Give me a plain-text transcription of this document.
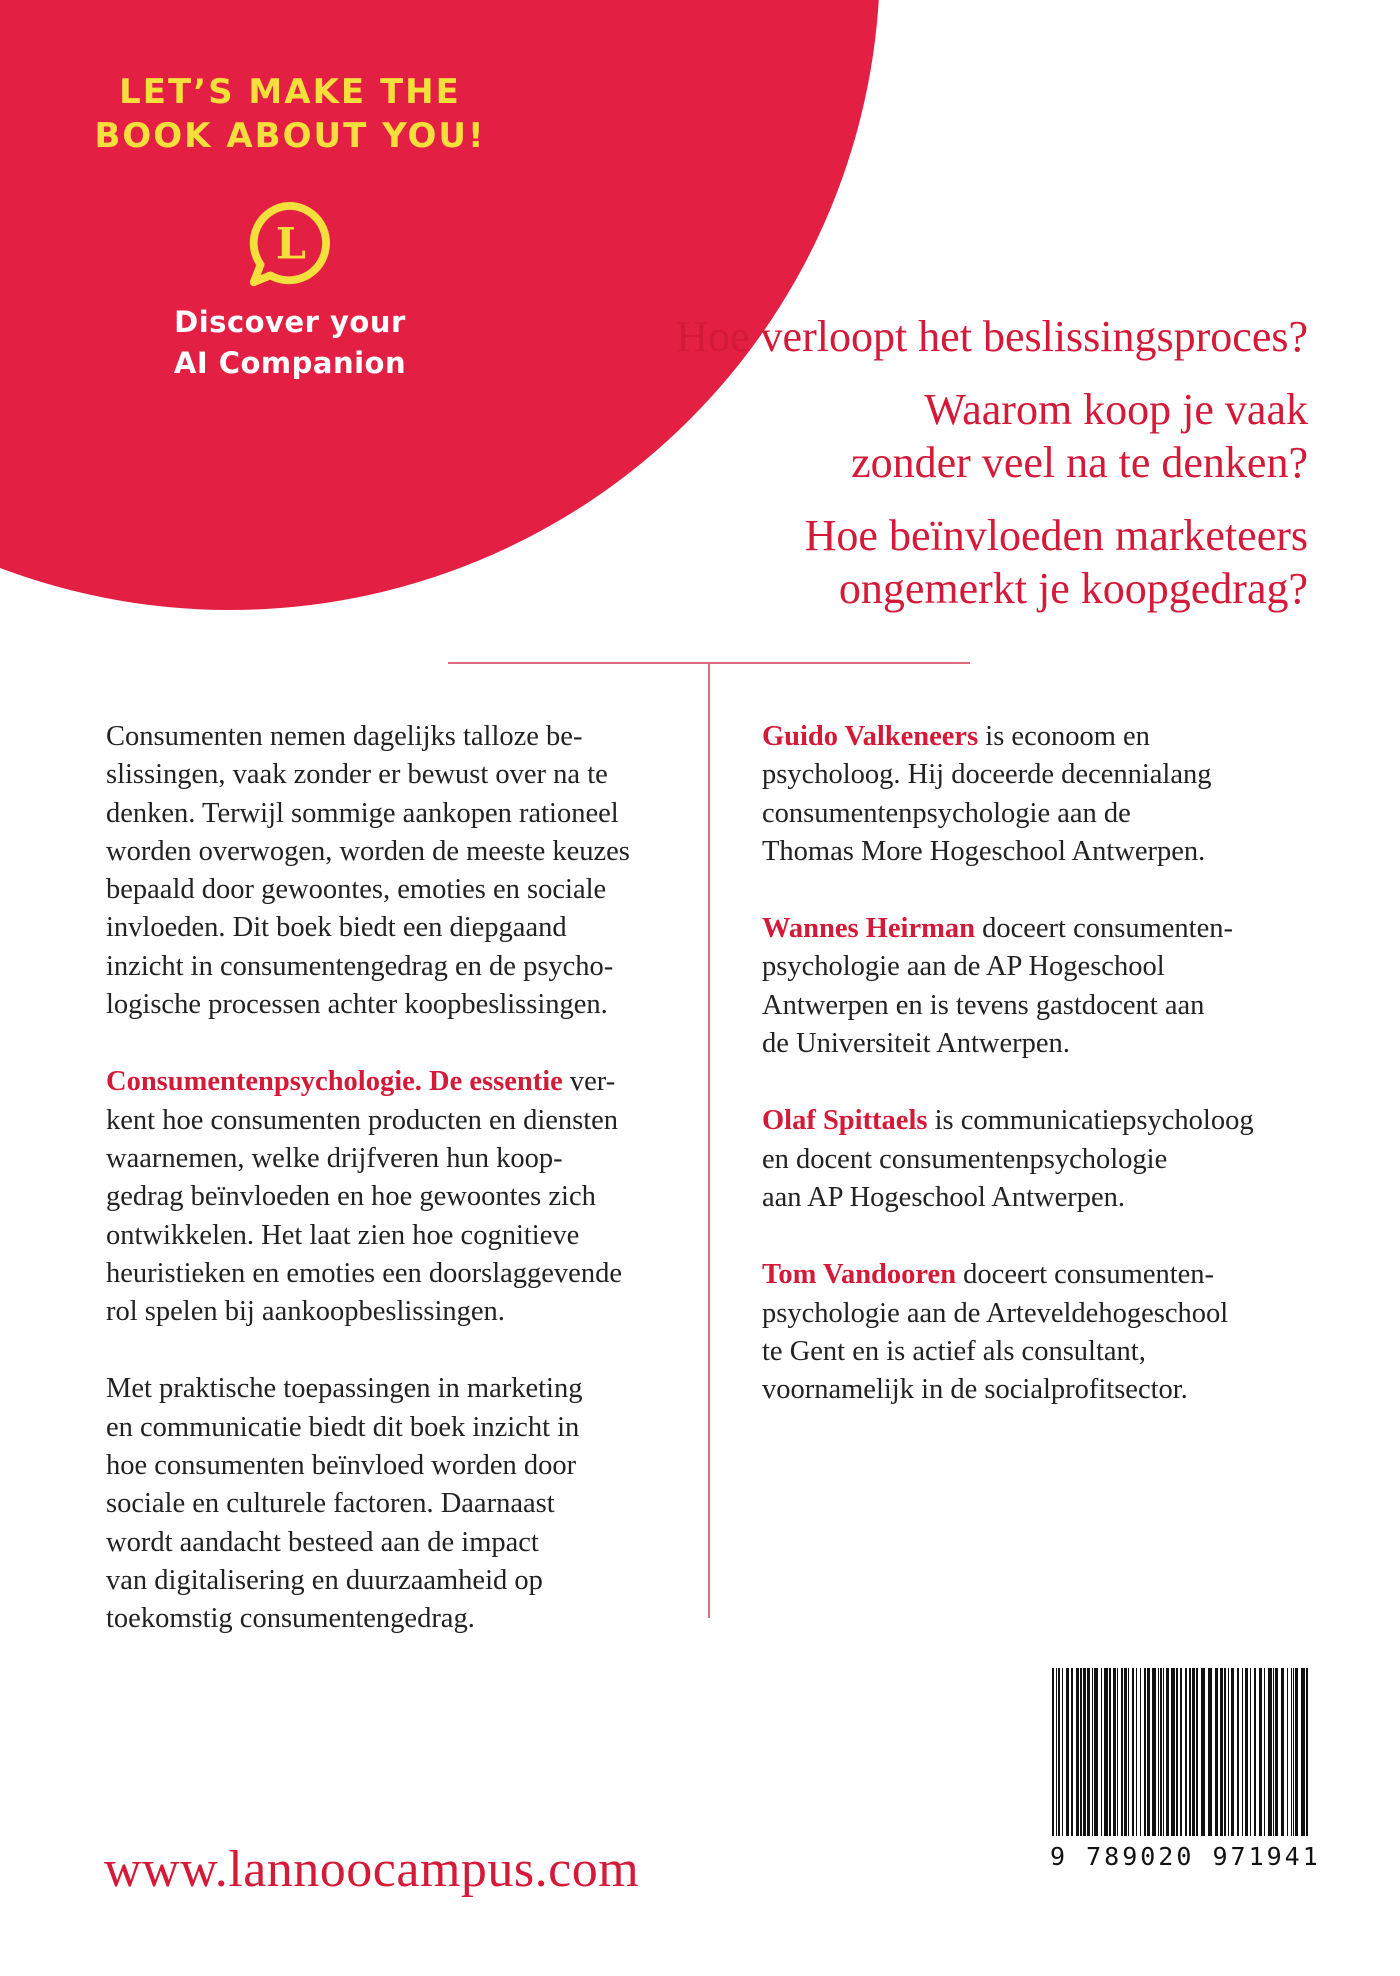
LET’S MAKE THE
BOOK ABOUT YOU!
L
Discover your
AI Companion

Hoe verloopt het beslissingsproces?

Waarom koop je vaak
zonder veel na te denken?

Hoe beïnvloeden marketeers
ongemerkt je koopgedrag?

Consumenten nemen dagelijks talloze be-
slissingen, vaak zonder er bewust over na te
denken. Terwijl sommige aankopen rationeel
worden overwogen, worden de meeste keuzes
bepaald door gewoontes, emoties en sociale
invloeden. Dit boek biedt een diepgaand
inzicht in consumentengedrag en de psycho-
logische processen achter koopbeslissingen.

Consumentenpsychologie. De essentie ver-
kent hoe consumenten producten en diensten
waarnemen, welke drijfveren hun koop-
gedrag beïnvloeden en hoe gewoontes zich
ontwikkelen. Het laat zien hoe cognitieve
heuristieken en emoties een doorslaggevende
rol spelen bij aankoopbeslissingen.

Met praktische toepassingen in marketing
en communicatie biedt dit boek inzicht in
hoe consumenten beïnvloed worden door
sociale en culturele factoren. Daarnaast
wordt aandacht besteed aan de impact
van digitalisering en duurzaamheid op
toekomstig consumentengedrag.

Guido Valkeneers is econoom en
psycholoog. Hij doceerde decennialang
consumentenpsychologie aan de
Thomas More Hogeschool Antwerpen.

Wannes Heirman doceert consumenten-
psychologie aan de AP Hogeschool
Antwerpen en is tevens gastdocent aan
de Universiteit Antwerpen.

Olaf Spittaels is communicatiepsycholoog
en docent consumentenpsychologie
aan AP Hogeschool Antwerpen.

Tom Vandooren doceert consumenten-
psychologie aan de Arteveldehogeschool
te Gent en is actief als consultant,
voornamelijk in de socialprofitsector.

www.lannoocampus.com	9 789020 971941
